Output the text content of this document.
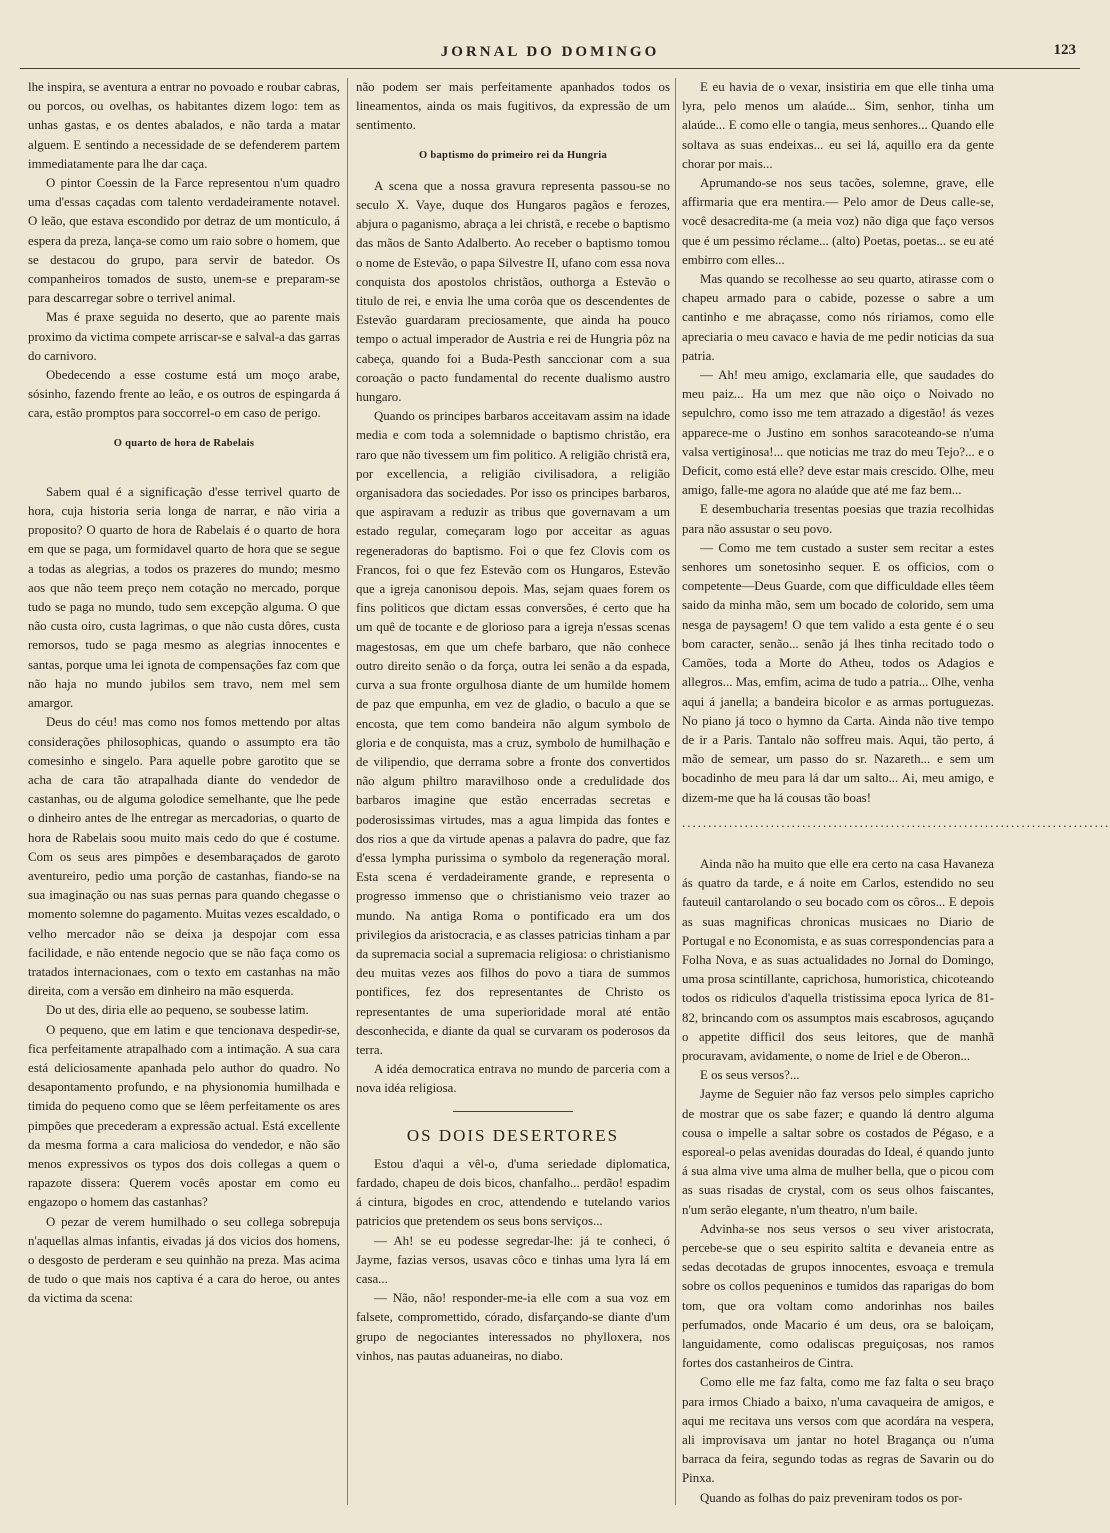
JORNAL DO DOMINGO	123

lhe inspira, se aventura a entrar no povoado e roubar cabras, ou porcos, ou ovelhas, os habitantes dizem logo: tem as unhas gastas, e os dentes abalados, e não tarda a matar alguem. E sentindo a necessidade de se defenderem partem immediatamente para lhe dar caça.

O pintor Coessin de la Farce representou n'um quadro uma d'essas caçadas com talento verdadeiramente notavel. O leão, que estava escondido por detraz de um monticulo, á espera da preza, lança-se como um raio sobre o homem, que se destacou do grupo, para servir de batedor. Os companheiros tomados de susto, unem-se e preparam-se para descarregar sobre o terrivel animal.

Mas é praxe seguida no deserto, que ao parente mais proximo da victima compete arriscar-se e salval-a das garras do carnivoro.

Obedecendo a esse costume está um moço arabe, sósinho, fazendo frente ao leão, e os outros de espingarda á cara, estão promptos para soccorrel-o em caso de perigo.

O quarto de hora de Rabelais

Sabem qual é a significação d'esse terrivel quarto de hora, cuja historia seria longa de narrar, e não viria a proposito? O quarto de hora de Rabelais é o quarto de hora em que se paga, um formidavel quarto de hora que se segue a todas as alegrias, a todos os prazeres do mundo; mesmo aos que não teem preço nem cotação no mercado, porque tudo se paga no mundo, tudo sem excepção alguma. O que não custa oiro, custa lagrimas, o que não custa dôres, custa remorsos, tudo se paga mesmo as alegrias innocentes e santas, porque uma lei ignota de compensações faz com que não haja no mundo jubilos sem travo, nem mel sem amargor.

Deus do céu! mas como nos fomos mettendo por altas considerações philosophicas, quando o assumpto era tão comesinho e singelo. Para aquelle pobre garotito que se acha de cara tão atrapalhada diante do vendedor de castanhas, ou de alguma golodice semelhante, que lhe pede o dinheiro antes de lhe entregar as mercadorias, o quarto de hora de Rabelais soou muito mais cedo do que é costume. Com os seus ares pimpões e desembaraçados de garoto aventureiro, pedio uma porção de castanhas, fiando-se na sua imaginação ou nas suas pernas para quando chegasse o momento solemne do pagamento. Muitas vezes escaldado, o velho mercador não se deixa ja despojar com essa facilidade, e não entende negocio que se não faça como os tratados internacionaes, com o texto em castanhas na mão direita, com a versão em dinheiro na mão esquerda.

Do ut des, diria elle ao pequeno, se soubesse latim.

O pequeno, que em latim e que tencionava despedir-se, fica perfeitamente atrapalhado com a intimação. A sua cara está deliciosamente apanhada pelo author do quadro. No desapontamento profundo, e na physionomia humilhada e timida do pequeno como que se lêem perfeitamente os ares pimpões que precederam a expressão actual. Está excellente da mesma forma a cara maliciosa do vendedor, e não são menos expressivos os typos dos dois collegas a quem o rapazote dissera: Querem vocês apostar em como eu engazopo o homem das castanhas?

O pezar de verem humilhado o seu collega sobrepuja n'aquellas almas infantis, eivadas já dos vicios dos homens, o desgosto de perderam e seu quinhão na preza. Mas acima de tudo o que mais nos captiva é a cara do heroe, ou antes da victima da scena:

não podem ser mais perfeitamente apanhados todos os lineamentos, ainda os mais fugitivos, da expressão de um sentimento.

O baptismo do primeiro rei da Hungria

A scena que a nossa gravura representa passou-se no seculo X. Vaye, duque dos Hungaros pagãos e ferozes, abjura o paganismo, abraça a lei christã, e recebe o baptismo das mãos de Santo Adalberto. Ao receber o baptismo tomou o nome de Estevão, o papa Silvestre II, ufano com essa nova conquista dos apostolos christãos, outhorga a Estevão o titulo de rei, e envia lhe uma corôa que os descendentes de Estevão guardaram preciosamente, que ainda ha pouco tempo o actual imperador de Austria e rei de Hungria pôz na cabeça, quando foi a Buda-Pesth sanccionar com a sua coroação o pacto fundamental do recente dualismo austro hungaro.

Quando os principes barbaros acceitavam assim na idade media e com toda a solemnidade o baptismo christão, era raro que não tivessem um fim politico. A religião christã era, por excellencia, a religião civilisadora, a religião organisadora das sociedades. Por isso os principes barbaros, que aspiravam a reduzir as tribus que governavam a um estado regular, começaram logo por acceitar as aguas regeneradoras do baptismo. Foi o que fez Clovis com os Francos, foi o que fez Estevão com os Hungaros, Estevão que a igreja canonisou depois. Mas, sejam quaes forem os fins politicos que dictam essas conversões, é certo que ha um quê de tocante e de glorioso para a igreja n'essas scenas magestosas, em que um chefe barbaro, que não conhece outro direito senão o da força, outra lei senão a da espada, curva a sua fronte orgulhosa diante de um humilde homem de paz que empunha, em vez de gladio, o baculo a que se encosta, que tem como bandeira não algum symbolo de gloria e de conquista, mas a cruz, symbolo de humilhação e de vilipendio, que derrama sobre a fronte dos convertidos não algum philtro maravilhoso onde a credulidade dos barbaros imagine que estão encerradas secretas e poderosissimas virtudes, mas a agua limpida das fontes e dos rios a que da virtude apenas a palavra do padre, que faz d'essa lympha purissima o symbolo da regeneração moral. Esta scena é verdadeiramente grande, e representa o progresso immenso que o christianismo veio trazer ao mundo. Na antiga Roma o pontificado era um dos privilegios da aristocracia, e as classes patricias tinham a par da supremacia social a supremacia religiosa: o christianismo deu muitas vezes aos filhos do povo a tiara de summos pontifices, fez dos representantes de Christo os representantes de uma superioridade moral até então desconhecida, e diante da qual se curvaram os poderosos da terra.

A idéa democratica entrava no mundo de parceria com a nova idéa religiosa.

OS DOIS DESERTORES

Estou d'aqui a vêl-o, d'uma seriedade diplomatica, fardado, chapeu de dois bicos, chanfalho... perdão! espadim á cintura, bigodes en croc, attendendo e tutelando varios patricios que pretendem os seus bons serviços...

— Ah! se eu podesse segredar-lhe: já te conheci, ó Jayme, fazias versos, usavas côco e tinhas uma lyra lá em casa...

— Não, não! responder-me-ia elle com a sua voz em falsete, compromettido, córado, disfarçando-se diante d'um grupo de negociantes interessados no phylloxera, nos vinhos, nas pautas aduaneiras, no diabo.

E eu havia de o vexar, insistiria em que elle tinha uma lyra, pelo menos um alaúde... Sim, senhor, tinha um alaúde... E como elle o tangia, meus senhores... Quando elle soltava as suas endeixas... eu sei lá, aquillo era da gente chorar por mais...

Aprumando-se nos seus tacões, solemne, grave, elle affirmaria que era mentira.— Pelo amor de Deus calle-se, você desacredita-me (a meia voz) não diga que faço versos que é um pessimo réclame... (alto) Poetas, poetas... se eu até embirro com elles...

Mas quando se recolhesse ao seu quarto, atirasse com o chapeu armado para o cabide, pozesse o sabre a um cantinho e me abraçasse, como nós ririamos, como elle apreciaria o meu cavaco e havia de me pedir noticias da sua patria.

— Ah! meu amigo, exclamaria elle, que saudades do meu paiz... Ha um mez que não oiço o Noivado no sepulchro, como isso me tem atrazado a digestão! ás vezes apparece-me o Justino em sonhos saracoteando-se n'uma valsa vertiginosa!... que noticias me traz do meu Tejo?... e o Deficit, como está elle? deve estar mais crescido. Olhe, meu amigo, falle-me agora no alaúde que até me faz bem...

E desembucharia tresentas poesias que trazia recolhidas para não assustar o seu povo.

— Como me tem custado a suster sem recitar a estes senhores um sonetosinho sequer. E os officios, com o competente—Deus Guarde, com que difficuldade elles têem saido da minha mão, sem um bocado de colorido, sem uma nesga de paysagem! O que tem valido a esta gente é o seu bom caracter, senão... senão já lhes tinha recitado todo o Camões, toda a Morte do Atheu, todos os Adagios e allegros... Mas, emfim, acima de tudo a patria... Olhe, venha aqui á janella; a bandeira bicolor e as armas portuguezas. No piano já toco o hymno da Carta. Ainda não tive tempo de ir a Paris. Tantalo não soffreu mais. Aqui, tão perto, á mão de semear, um passo do sr. Nazareth... e sem um bocadinho de meu para lá dar um salto... Ai, meu amigo, e dizem-me que ha lá cousas tão boas!

..................................................................................

Ainda não ha muito que elle era certo na casa Havaneza ás quatro da tarde, e á noite em Carlos, estendido no seu fauteuil cantarolando o seu bocado com os côros... E depois as suas magnificas chronicas musicaes no Diario de Portugal e no Economista, e as suas correspondencias para a Folha Nova, e as suas actualidades no Jornal do Domingo, uma prosa scintillante, caprichosa, humoristica, chicoteando todos os ridiculos d'aquella tristissima epoca lyrica de 81-82, brincando com os assumptos mais escabrosos, aguçando o appetite difficil dos seus leitores, que de manhã procuravam, avidamente, o nome de Iriel e de Oberon...

E os seus versos?...

Jayme de Seguier não faz versos pelo simples capricho de mostrar que os sabe fazer; e quando lá dentro alguma cousa o impelle a saltar sobre os costados de Pégaso, e a esporeal-o pelas avenidas douradas do Ideal, é quando junto á sua alma vive uma alma de mulher bella, que o picou com as suas risadas de crystal, com os seus olhos faiscantes, n'um serão elegante, n'um theatro, n'um baile.

Advinha-se nos seus versos o seu viver aristocrata, percebe-se que o seu espirito saltita e devaneia entre as sedas decotadas de grupos innocentes, esvoaça e tremula sobre os collos pequeninos e tumidos das raparigas do bom tom, que ora voltam como andorinhas nos bailes perfumados, onde Macario é um deus, ora se baloiçam, languidamente, como odaliscas preguiçosas, nos ramos fortes dos castanheiros de Cintra.

Como elle me faz falta, como me faz falta o seu braço para irmos Chiado a baixo, n'uma cavaqueira de amigos, e aqui me recitava uns versos com que acordára na vespera, ali improvisava um jantar no hotel Bragança ou n'uma barraca da feira, segundo todas as regras de Savarin ou do Pinxa.

Quando as folhas do paiz preveniram todos os por-
